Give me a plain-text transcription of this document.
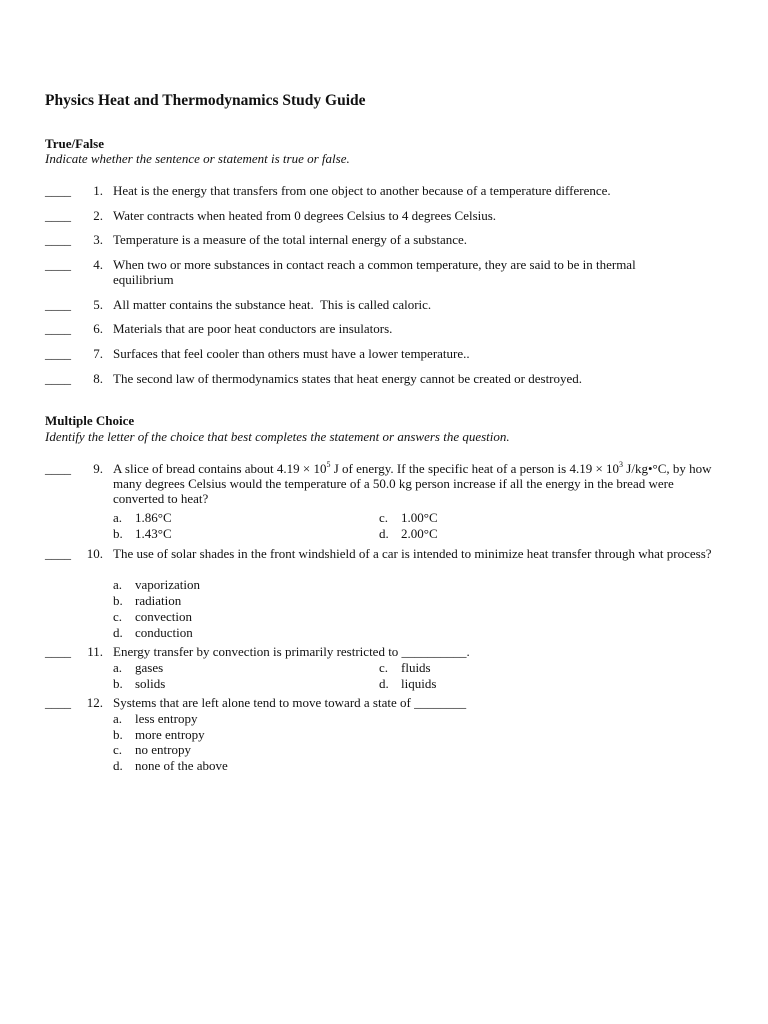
Physics Heat and Thermodynamics Study Guide
True/False

Indicate whether the sentence or statement is true or false.

____	1. Heat is the energy that transfers from one object to another because of a temperature difference.
____	2. Water contracts when heated from 0 degrees Celsius to 4 degrees Celsius.
____	3. Temperature is a measure of the total internal energy of a substance.
____	4. When two or more substances in contact reach a common temperature, they are said to be in thermal equilibrium
____	5. All matter contains the substance heat.  This is called caloric.
____	6. Materials that are poor heat conductors are insulators.
____	7. Surfaces that feel cooler than others must have a lower temperature..
____	8. The second law of thermodynamics states that heat energy cannot be created or destroyed.
Multiple Choice

Identify the letter of the choice that best completes the statement or answers the question.

____	9. A slice of bread contains about $4.19 \times 10^5$ J of energy. If the specific heat of a person is $4.19 \times 10^3$ J/kg•°C, by how many degrees Celsius would the temperature of a 50.0 kg person increase if all the energy in the bread were converted to heat?
a. 1.86°C
b. 1.43°C
c. 1.00°C
d. 2.00°C
____	10. The use of solar shades in the front windshield of a car is intended to minimize heat transfer through what process?
a. vaporization
b. radiation
c. convection
d. conduction
____	11. Energy transfer by convection is primarily restricted to __________.
a. gases
b. solids
c. fluids
d. liquids
____	12. Systems that are left alone tend to move toward a state of ________
a. less entropy
b. more entropy
c. no entropy
d. none of the above
